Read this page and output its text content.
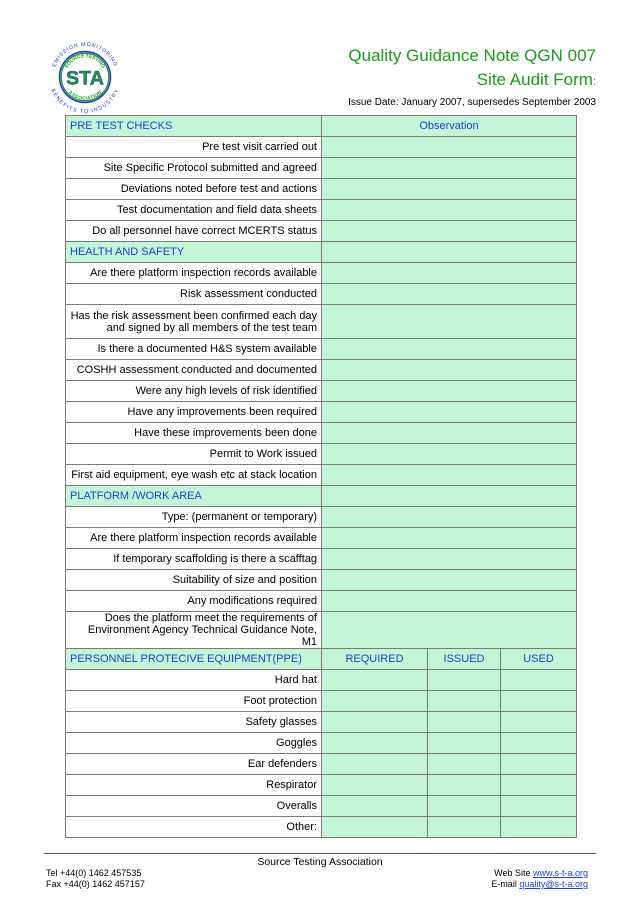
EMISSION MONITORING
BENEFITS TO INDUSTRY
SOURCE TESTING
ASSOCIATION
STA
Quality Guidance Note QGN 007
Site Audit Form:
Issue Date: January 2007, supersedes September 2003
PRE TEST CHECKS	Observation		
Pre test visit carried out			
Site Specific Protocol submitted and agreed			
Deviations noted before test and actions			
Test documentation and field data sheets			
Do all personnel have correct MCERTS status			
HEALTH AND SAFETY			
Are there platform inspection records available			
Risk assessment conducted			
Has the risk assessment been confirmed each day and signed by all members of the test team			
Is there a documented H&S system available			
COSHH assessment conducted and documented			
Were any high levels of risk identified			
Have any improvements been required			
Have these improvements been done			
Permit to Work issued			
First aid equipment, eye wash etc at stack location			
PLATFORM /WORK AREA			
Type: (permanent or temporary)			
Are there platform inspection records available			
If temporary scaffolding is there a scafftag			
Suitability of size and position			
Any modifications required			
Does the platform meet the requirements of Environment Agency Technical Guidance Note, M1			
PERSONNEL PROTECIVE EQUIPMENT(PPE)	REQUIRED	ISSUED	USED
Hard hat			
Foot protection			
Safety glasses			
Goggles			
Ear defenders			
Respirator			
Overalls			
Other:			
Source Testing Association
Tel +44(0) 1462 457535
Fax +44(0) 1462 457157
Web Site www.s-t-a.org
E-mail quality@s-t-a.org
